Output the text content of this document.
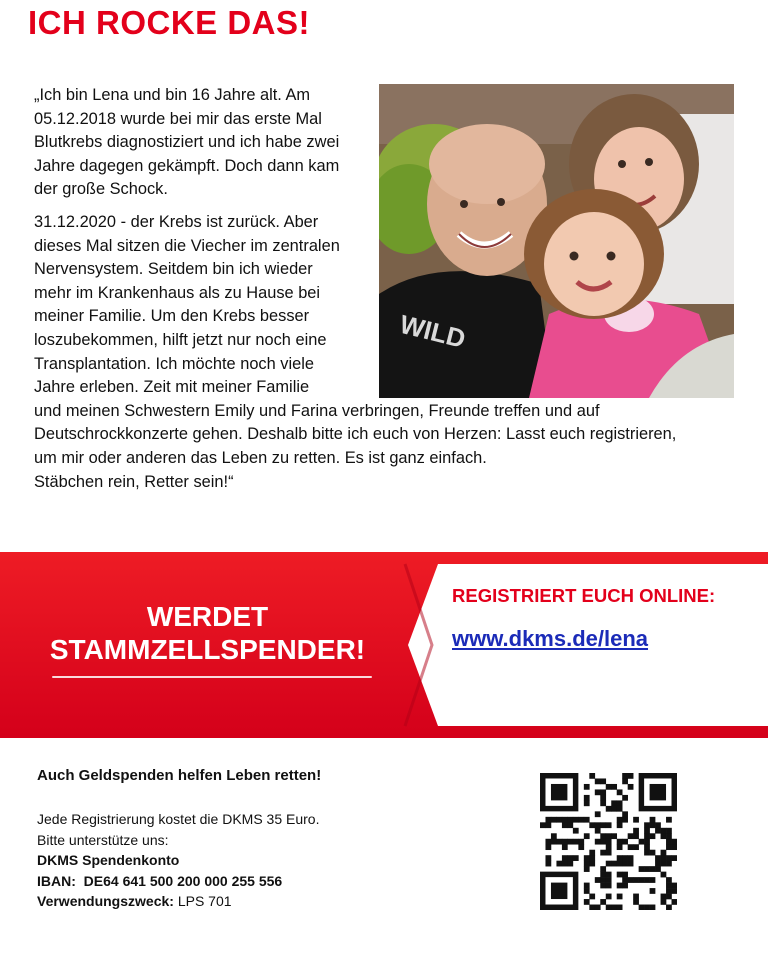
ICH ROCKE DAS!
WILD

„Ich bin Lena und bin 16 Jahre alt. Am
05.12.2018 wurde bei mir das erste Mal
Blutkrebs diagnostiziert und ich habe zwei
Jahre dagegen gekämpft. Doch dann kam
der große Schock.

31.12.2020 - der Krebs ist zurück. Aber
dieses Mal sitzen die Viecher im zentralen
Nervensystem. Seitdem bin ich wieder
mehr im Krankenhaus als zu Hause bei
meiner Familie. Um den Krebs besser
loszubekommen, hilft jetzt nur noch eine
Transplantation. Ich möchte noch viele
Jahre erleben. Zeit mit meiner Familie
und meinen Schwestern Emily und Farina verbringen, Freunde treffen und auf
Deutschrockkonzerte gehen. Deshalb bitte ich euch von Herzen: Lasst euch registrieren,
um mir oder anderen das Leben zu retten. Es ist ganz einfach.
Stäbchen rein, Retter sein!“

WERDET
STAMMZELLSPENDER!
REGISTRIERT EUCH ONLINE:
www.dkms.de/lena
Auch Geldspenden helfen Leben retten!
Jede Registrierung kostet die DKMS 35 Euro.
Bitte unterstütze uns:
DKMS Spendenkonto
IBAN: DE64 641 500 200 000 255 556
Verwendungszweck: LPS 701
